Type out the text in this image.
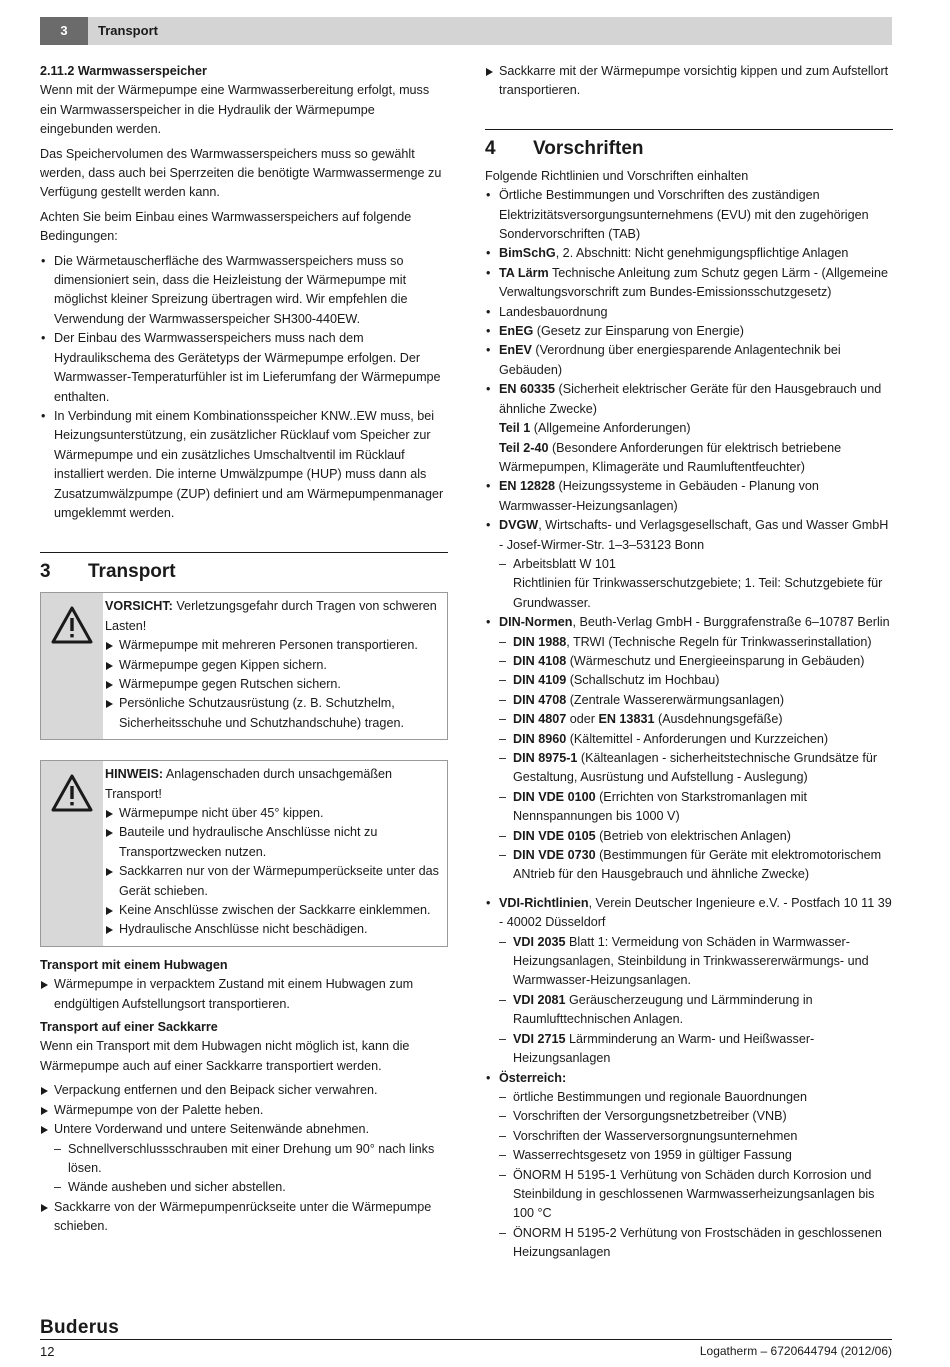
3	Transport

2.11.2 Warmwasserspeicher

Wenn mit der Wärmepumpe eine Warmwasserbereitung erfolgt, muss ein Warmwasserspeicher in die Hydraulik der Wärmepumpe eingebunden werden.

Das Speichervolumen des Warmwasserspeichers muss so gewählt werden, dass auch bei Sperrzeiten die benötigte Warmwassermenge zu Verfügung gestellt werden kann.

Achten Sie beim Einbau eines Warmwasserspeichers auf folgende Bedingungen:

• Die Wärmetauscherfläche des Warmwasserspeichers muss so dimensioniert sein, dass die Heizleistung der Wärmepumpe mit möglichst kleiner Spreizung übertragen wird. Wir empfehlen die Verwendung der Warmwasserspeicher SH300-440EW.
• Der Einbau des Warmwasserspeichers muss nach dem Hydraulikschema des Gerätetyps der Wärmepumpe erfolgen. Der Warmwasser-Temperaturfühler ist im Lieferumfang der Wärmepumpe enthalten.
• In Verbindung mit einem Kombinationsspeicher KNW..EW muss, bei Heizungsunterstützung, ein zusätzlicher Rücklauf vom Speicher zur Wärmepumpe und ein zusätzliches Umschaltventil im Rücklauf installiert werden. Die interne Umwälzpumpe (HUP) muss dann als Zusatzumwälzpumpe (ZUP) definiert und am Wärmepumpenmanager umgeklemmt werden.
3	Transport
VORSICHT: Verletzungsgefahr durch Tragen von schweren Lasten!
Wärmepumpe mit mehreren Personen transportieren.
Wärmepumpe gegen Kippen sichern.
Wärmepumpe gegen Rutschen sichern.
Persönliche Schutzausrüstung (z. B. Schutzhelm, Sicherheitsschuhe und Schutzhandschuhe) tragen.
HINWEIS: Anlagenschaden durch unsachgemäßen Transport!
Wärmepumpe nicht über 45° kippen.
Bauteile und hydraulische Anschlüsse nicht zu Transportzwecken nutzen.
Sackkarren nur von der Wärmepumperückseite unter das Gerät schieben.
Keine Anschlüsse zwischen der Sackkarre einklemmen.
Hydraulische Anschlüsse nicht beschädigen.

Transport mit einem Hubwagen

Wärmepumpe in verpacktem Zustand mit einem Hubwagen zum endgültigen Aufstellungsort transportieren.

Transport auf einer Sackkarre

Wenn ein Transport mit dem Hubwagen nicht möglich ist, kann die Wärmepumpe auch auf einer Sackkarre transportiert werden.

Verpackung entfernen und den Beipack sicher verwahren.
Wärmepumpe von der Palette heben.
Untere Vorderwand und untere Seitenwände abnehmen.
– Schnellverschlussschrauben mit einer Drehung um 90° nach links lösen.
– Wände ausheben und sicher abstellen.
Sackkarre von der Wärmepumpenrückseite unter die Wärmepumpe schieben.
Sackkarre mit der Wärmepumpe vorsichtig kippen und zum Aufstellort transportieren.
4	Vorschriften

Folgende Richtlinien und Vorschriften einhalten

• Örtliche Bestimmungen und Vorschriften des zuständigen Elektrizitätsversorgungsunternehmens (EVU) mit den zugehörigen Sondervorschriften (TAB)
• BimSchG, 2. Abschnitt: Nicht genehmigungspflichtige Anlagen
• TA Lärm Technische Anleitung zum Schutz gegen Lärm - (Allgemeine Verwaltungsvorschrift zum Bundes-Emissionsschutzgesetz)
• Landesbauordnung
• EnEG (Gesetz zur Einsparung von Energie)
• EnEV (Verordnung über energiesparende Anlagentechnik bei Gebäuden)
• EN 60335 (Sicherheit elektrischer Geräte für den Hausgebrauch und ähnliche Zwecke)
Teil 1 (Allgemeine Anforderungen)
Teil 2-40 (Besondere Anforderungen für elektrisch betriebene Wärmepumpen, Klimageräte und Raumluftentfeuchter)
• EN 12828 (Heizungssysteme in Gebäuden - Planung von Warmwasser-Heizungsanlagen)
• DVGW, Wirtschafts- und Verlagsgesellschaft, Gas und Wasser GmbH - Josef-Wirmer-Str. 1–3–53123 Bonn
– Arbeitsblatt W 101
Richtlinien für Trinkwasserschutzgebiete; 1. Teil: Schutzgebiete für Grundwasser.
• DIN-Normen, Beuth-Verlag GmbH - Burggrafenstraße 6–10787 Berlin
– DIN 1988, TRWI (Technische Regeln für Trinkwasserinstallation)
– DIN 4108 (Wärmeschutz und Energieeinsparung in Gebäuden)
– DIN 4109 (Schallschutz im Hochbau)
– DIN 4708 (Zentrale Wassererwärmungsanlagen)
– DIN 4807 oder EN 13831 (Ausdehnungsgefäße)
– DIN 8960 (Kältemittel - Anforderungen und Kurzzeichen)
– DIN 8975-1 (Kälteanlagen - sicherheitstechnische Grundsätze für Gestaltung, Ausrüstung und Aufstellung - Auslegung)
– DIN VDE 0100 (Errichten von Starkstromanlagen mit Nennspannungen bis 1000 V)
– DIN VDE 0105 (Betrieb von elektrischen Anlagen)
– DIN VDE 0730 (Bestimmungen für Geräte mit elektromotorischem ANtrieb für den Hausgebrauch und ähnliche Zwecke)
• VDI-Richtlinien, Verein Deutscher Ingenieure e.V. - Postfach 10 11 39 - 40002 Düsseldorf
– VDI 2035 Blatt 1: Vermeidung von Schäden in Warmwasser-Heizungsanlagen, Steinbildung in Trinkwassererwärmungs- und Warmwasser-Heizungsanlagen.
– VDI 2081 Geräuscherzeugung und Lärmminderung in Raumlufttechnischen Anlagen.
– VDI 2715 Lärmminderung an Warm- und Heißwasser-Heizungsanlagen
• Österreich:
– örtliche Bestimmungen und regionale Bauordnungen
– Vorschriften der Versorgungsnetzbetreiber (VNB)
– Vorschriften der Wasserversorgnungsunternehmen
– Wasserrechtsgesetz von 1959 in gültiger Fassung
– ÖNORM H 5195-1 Verhütung von Schäden durch Korrosion und Steinbildung in geschlossenen Warmwasserheizungsanlagen bis 100 °C
– ÖNORM H 5195-2 Verhütung von Frostschäden in geschlossenen Heizungsanlagen
Buderus
12	Logatherm – 6720644794 (2012/06)
